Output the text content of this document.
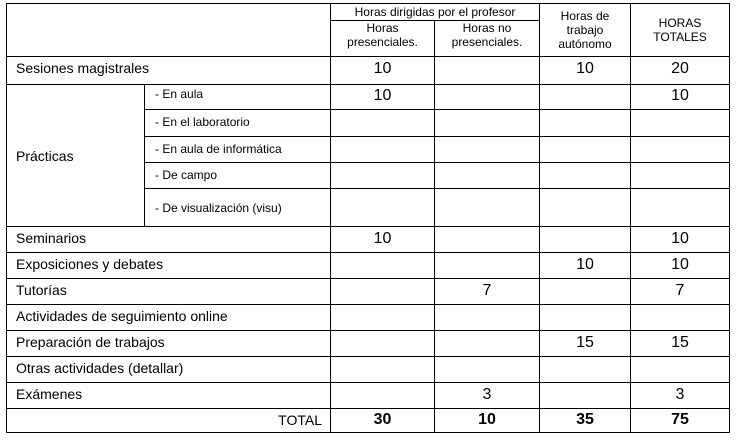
		Horas dirigidas por el profesor		Horas de trabajo autónomo	HORAS TOTALES
		Horas presenciales.	Horas no presenciales.		
Sesiones magistrales		10		10	20
Prácticas	- En aula	10			10
	- En el laboratorio				
	- En aula de informática				
	- De campo				
	- De visualización (visu)				
Seminarios		10			10
Exposiciones y debates				10	10
Tutorías			7		7
Actividades de seguimiento online					
Preparación de trabajos				15	15
Otras actividades (detallar)					
Exámenes			3		3
TOTAL		30	10	35	75
